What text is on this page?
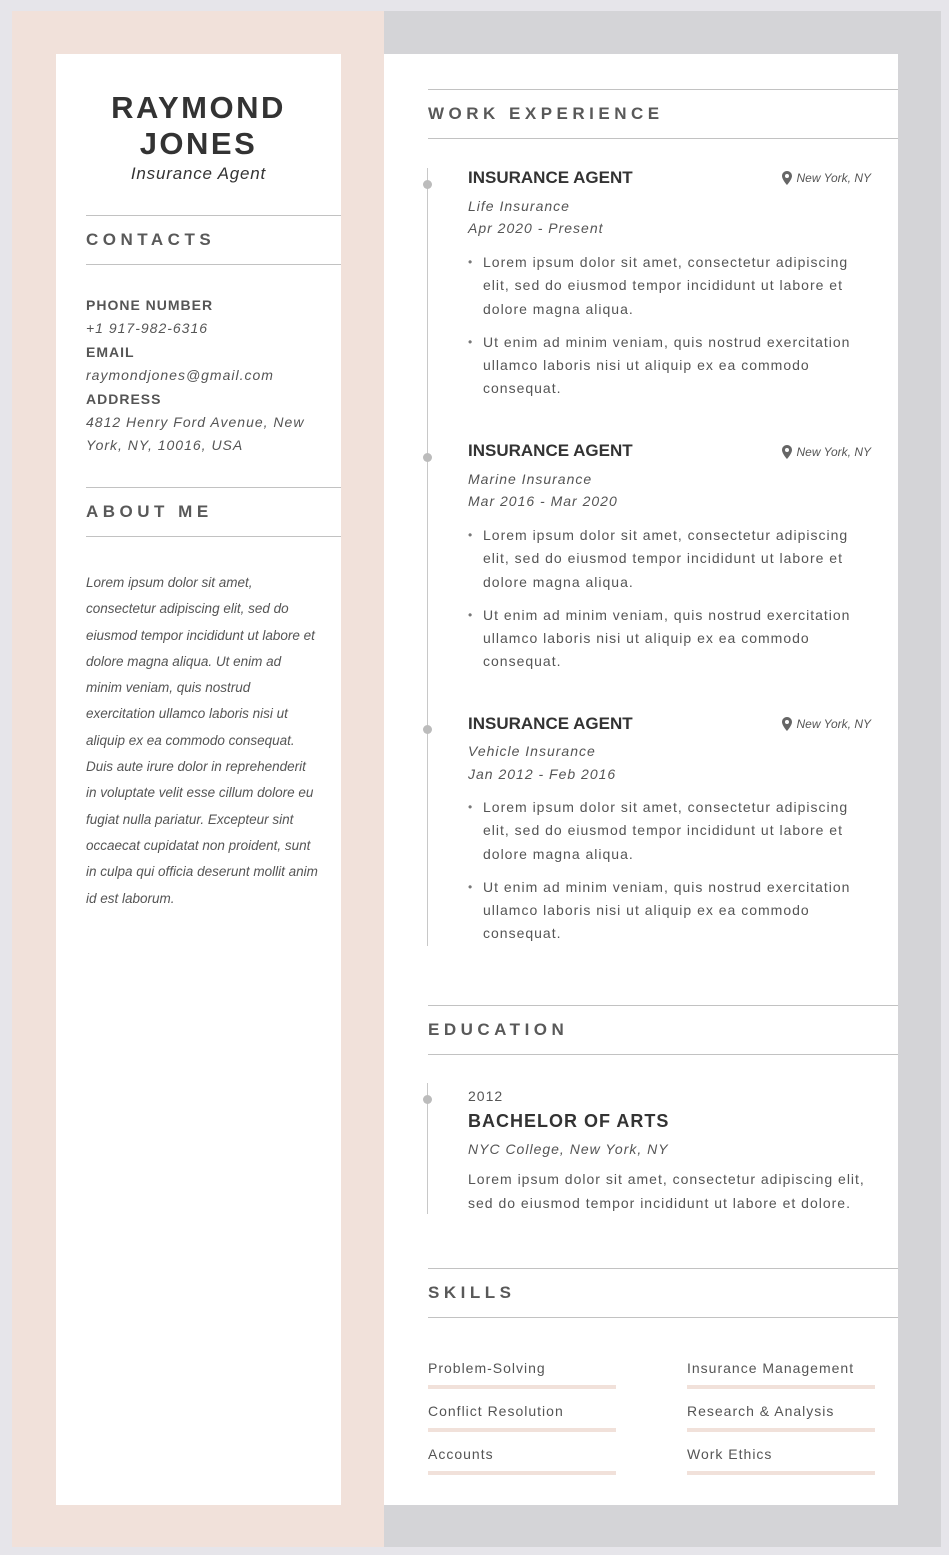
RAYMOND
JONES
Insurance Agent
CONTACTS
PHONE NUMBER
+1 917-982-6316
EMAIL
raymondjones@gmail.com
ADDRESS
4812 Henry Ford Avenue, New York, NY, 10016, USA
ABOUT ME
Lorem ipsum dolor sit amet, consectetur adipiscing elit, sed do eiusmod tempor incididunt ut labore et dolore magna aliqua. Ut enim ad minim veniam, quis nostrud exercitation ullamco laboris nisi ut aliquip ex ea commodo consequat. Duis aute irure dolor in reprehenderit in voluptate velit esse cillum dolore eu fugiat nulla pariatur. Excepteur sint occaecat cupidatat non proident, sunt in culpa qui officia deserunt mollit anim id est laborum.
WORK EXPERIENCE
INSURANCE AGENT	New York, NY
Life Insurance
Apr 2020 - Present
• Lorem ipsum dolor sit amet, consectetur adipiscing elit, sed do eiusmod tempor incididunt ut labore et dolore magna aliqua.
• Ut enim ad minim veniam, quis nostrud exercitation ullamco laboris nisi ut aliquip ex ea commodo consequat.
INSURANCE AGENT	New York, NY
Marine Insurance
Mar 2016 - Mar 2020
• Lorem ipsum dolor sit amet, consectetur adipiscing elit, sed do eiusmod tempor incididunt ut labore et dolore magna aliqua.
• Ut enim ad minim veniam, quis nostrud exercitation ullamco laboris nisi ut aliquip ex ea commodo consequat.
INSURANCE AGENT	New York, NY
Vehicle Insurance
Jan 2012 - Feb 2016
• Lorem ipsum dolor sit amet, consectetur adipiscing elit, sed do eiusmod tempor incididunt ut labore et dolore magna aliqua.
• Ut enim ad minim veniam, quis nostrud exercitation ullamco laboris nisi ut aliquip ex ea commodo consequat.
EDUCATION
2012
BACHELOR OF ARTS
NYC College, New York, NY
Lorem ipsum dolor sit amet, consectetur adipiscing elit, sed do eiusmod tempor incididunt ut labore et dolore.
SKILLS
Problem-Solving	Insurance Management
Conflict Resolution	Research & Analysis
Accounts	Work Ethics
